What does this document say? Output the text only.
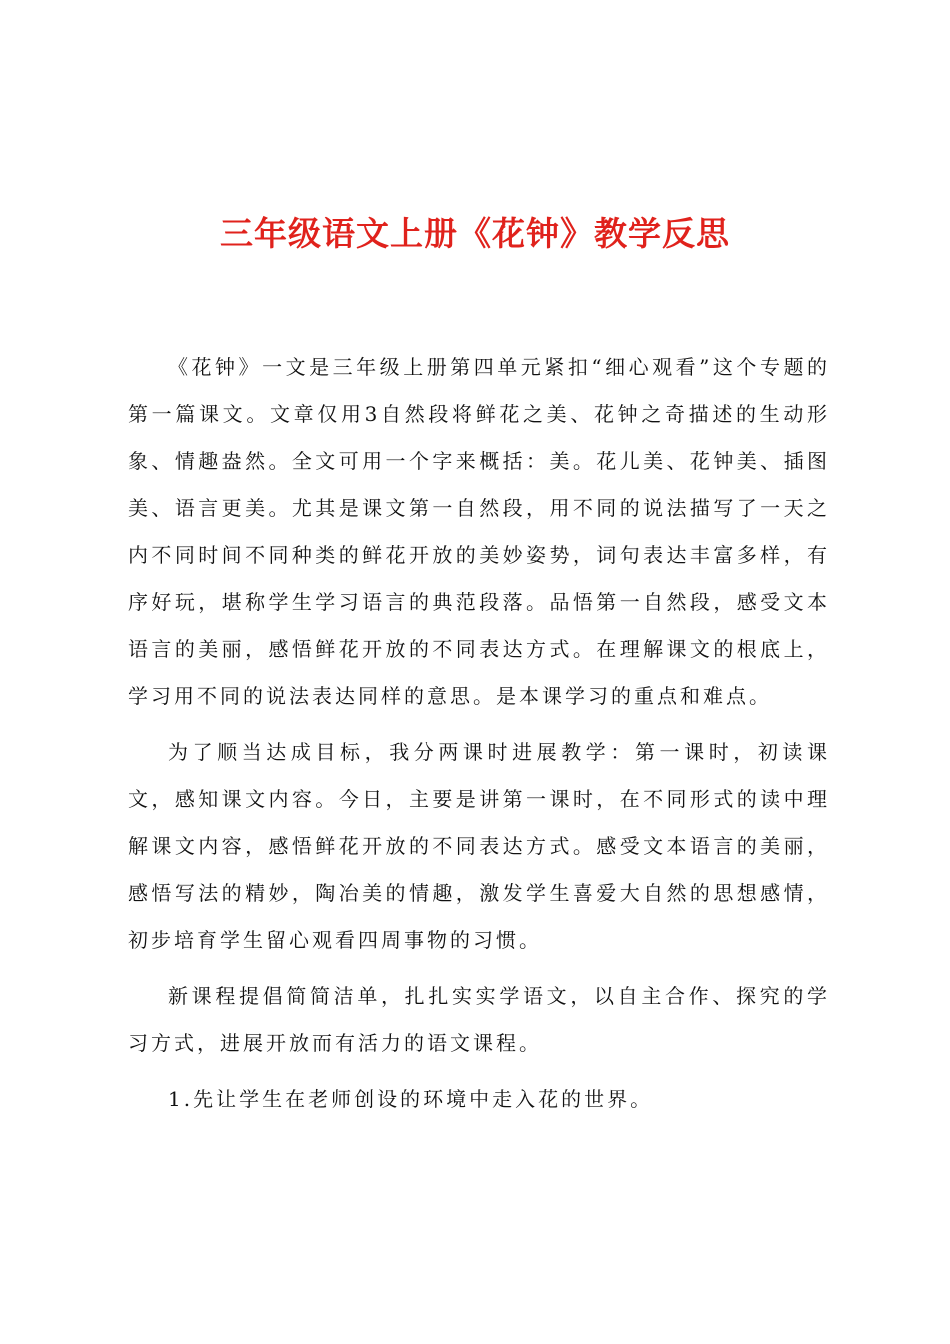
三年级语文上册《花钟》教学反思

《花钟》一文是三年级上册第四单元紧扣“细心观看”这个专题的第一篇课文。文章仅用3自然段将鲜花之美、花钟之奇描述的生动形象、情趣盎然。全文可用一个字来概括：美。花儿美、花钟美、插图美、语言更美。尤其是课文第一自然段，用不同的说法描写了一天之内不同时间不同种类的鲜花开放的美妙姿势，词句表达丰富多样，有序好玩，堪称学生学习语言的典范段落。品悟第一自然段，感受文本语言的美丽，感悟鲜花开放的不同表达方式。在理解课文的根底上，学习用不同的说法表达同样的意思。是本课学习的重点和难点。

为了顺当达成目标，我分两课时进展教学：第一课时，初读课文，感知课文内容。今日，主要是讲第一课时，在不同形式的读中理解课文内容，感悟鲜花开放的不同表达方式。感受文本语言的美丽，感悟写法的精妙，陶冶美的情趣，激发学生喜爱大自然的思想感情，初步培育学生留心观看四周事物的习惯。

新课程提倡简简洁单，扎扎实实学语文，以自主合作、探究的学习方式，进展开放而有活力的语文课程。

1.先让学生在老师创设的环境中走入花的世界。
